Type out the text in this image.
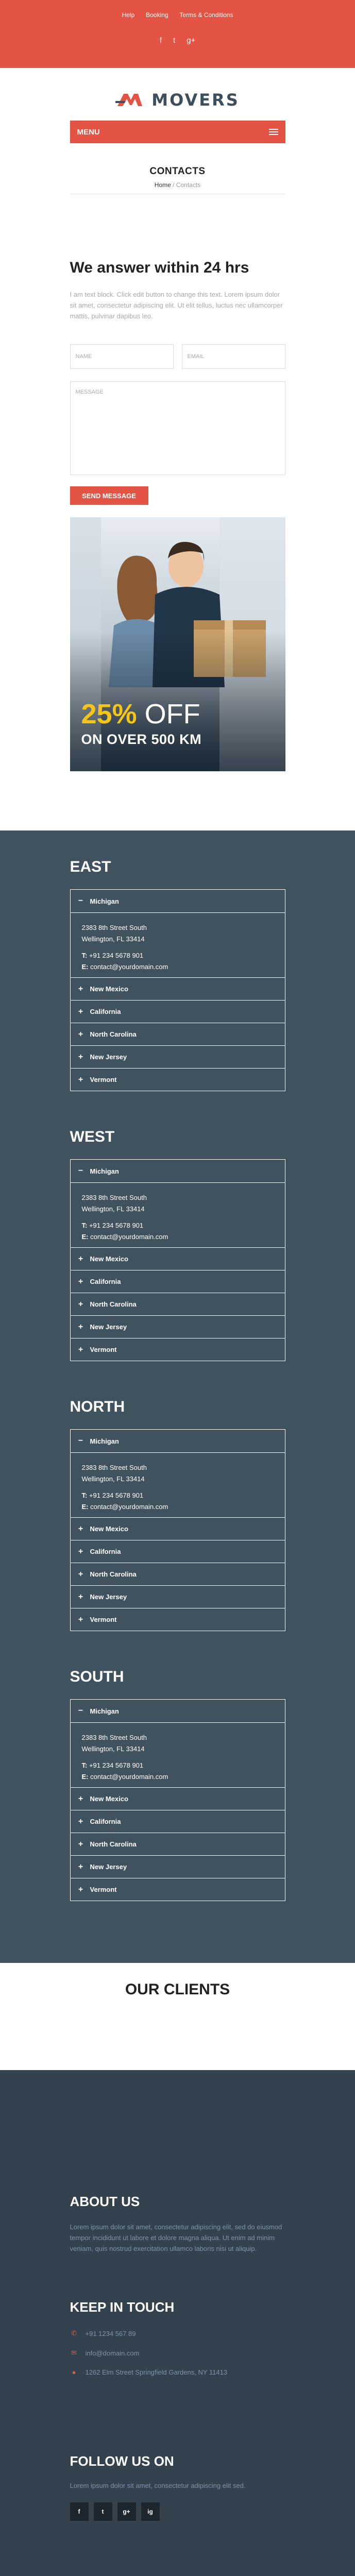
Help Booking Terms & Conditions
f t g+
MOVERS
MENU
CONTACTS
Home / Contacts
We answer within 24 hrs

I am text block. Click edit button to change this text. Lorem ipsum dolor sit amet, consectetur adipiscing elit. Ut elit tellus, luctus nec ullamcorper mattis, pulvinar dapibus leo.

NAME	EMAIL
MESSAGE
SEND MESSAGE
25% OFF
ON OVER 500 KM
EAST
− Michigan
2383 8th Street South
Wellington, FL 33414
T: +91 234 5678 901
E: contact@yourdomain.com
+ New Mexico
+ California
+ North Carolina
+ New Jersey
+ Vermont
WEST
− Michigan
2383 8th Street South
Wellington, FL 33414
T: +91 234 5678 901
E: contact@yourdomain.com
+ New Mexico
+ California
+ North Carolina
+ New Jersey
+ Vermont
NORTH
− Michigan
2383 8th Street South
Wellington, FL 33414
T: +91 234 5678 901
E: contact@yourdomain.com
+ New Mexico
+ California
+ North Carolina
+ New Jersey
+ Vermont
SOUTH
− Michigan
2383 8th Street South
Wellington, FL 33414
T: +91 234 5678 901
E: contact@yourdomain.com
+ New Mexico
+ California
+ North Carolina
+ New Jersey
+ Vermont
OUR CLIENTS
ABOUT US

Lorem ipsum dolor sit amet, consectetur adipiscing elit, sed do eiusmod tempor incididunt ut labore et dolore magna aliqua. Ut enim ad minim veniam, quis nostrud exercitation ullamco laboris nisi ut aliquip.

KEEP IN TOUCH
✆ +91 1234 567 89
✉ info@domain.com
●	1262 Elm Street Springfield Gardens, NY 11413
FOLLOW US ON

Lorem ipsum dolor sit amet, consectetur adipiscing elit sed.

f	t	g+	ig
